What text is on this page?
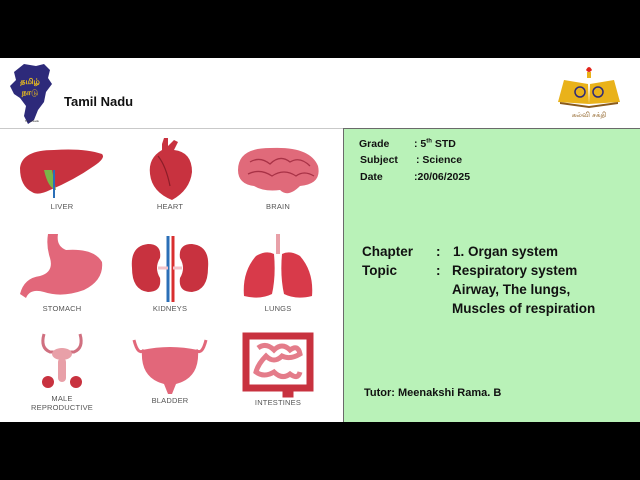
தமிழ்
நாடு
TamilNadu
Tamil Nadu
கல்வி சக்தி
LIVER	HEART	BRAIN
STOMACH	KIDNEYS	LUNGS
MALE
REPRODUCTIVE
BLADDER	INTESTINES
Grade : 5th STD
Subject : Science
Date	:20/06/2025
Chapter : 1. Organ system
Topic	: Respiratory system
Airway, The lungs,
Muscles of respiration
Tutor: Meenakshi Rama. B
